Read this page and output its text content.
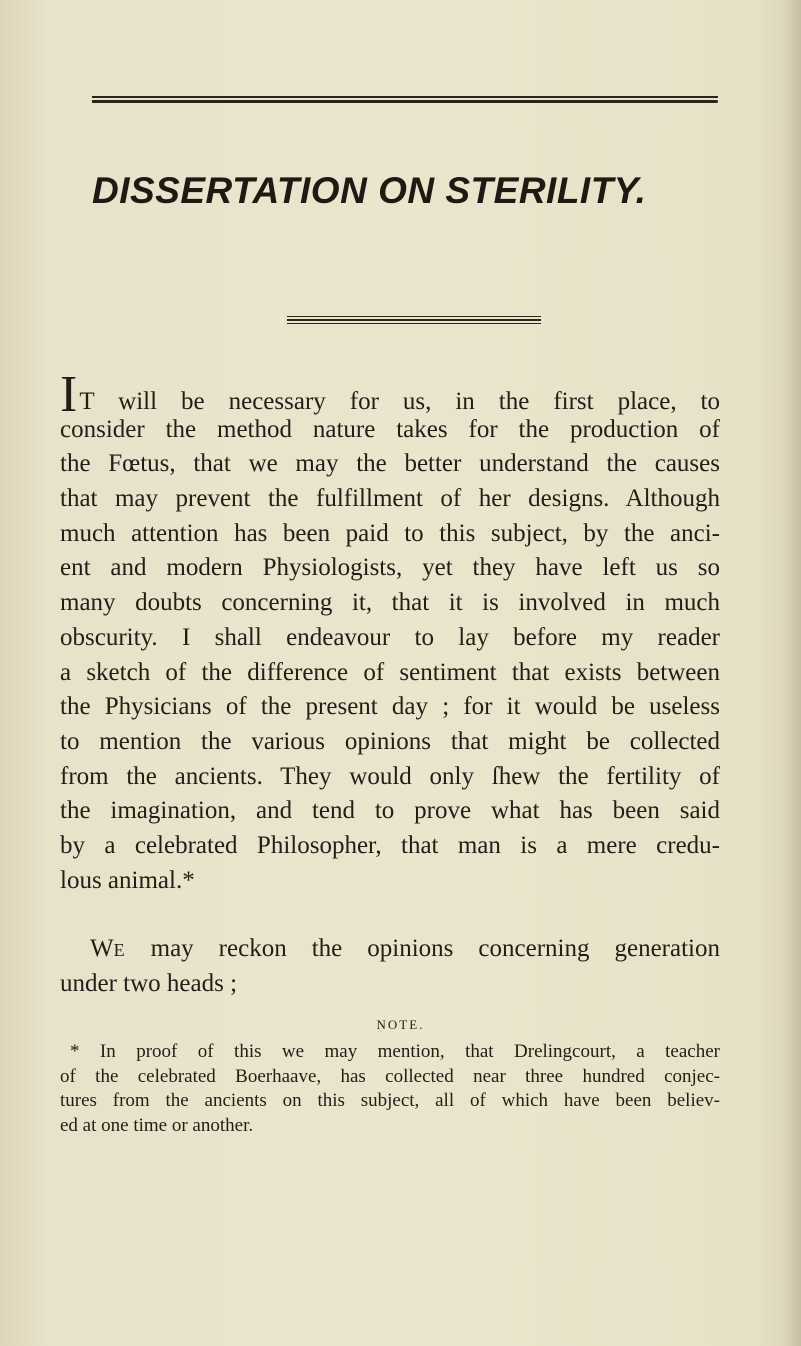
DISSERTATION ON STERILITY.
IT will be necessary for us, in the first place, to
consider the method nature takes for the production of
the Fœtus, that we may the better understand the causes
that may prevent the fulfillment of her designs. Although
much attention has been paid to this subject, by the anci-
ent and modern Physiologists, yet they have left us so
many doubts concerning it, that it is involved in much
obscurity. I shall endeavour to lay before my reader
a sketch of the difference of sentiment that exists between
the Physicians of the present day ; for it would be useless
to mention the various opinions that might be collected
from the ancients. They would only ſhew the fertility of
the imagination, and tend to prove what has been said
by a celebrated Philosopher, that man is a mere credu-
lous animal.*
WE may reckon the opinions concerning generation
under two heads ;
NOTE.
* In proof of this we may mention, that Drelingcourt, a teacher
of the celebrated Boerhaave, has collected near three hundred conjec-
tures from the ancients on this subject, all of which have been believ-
ed at one time or another.
